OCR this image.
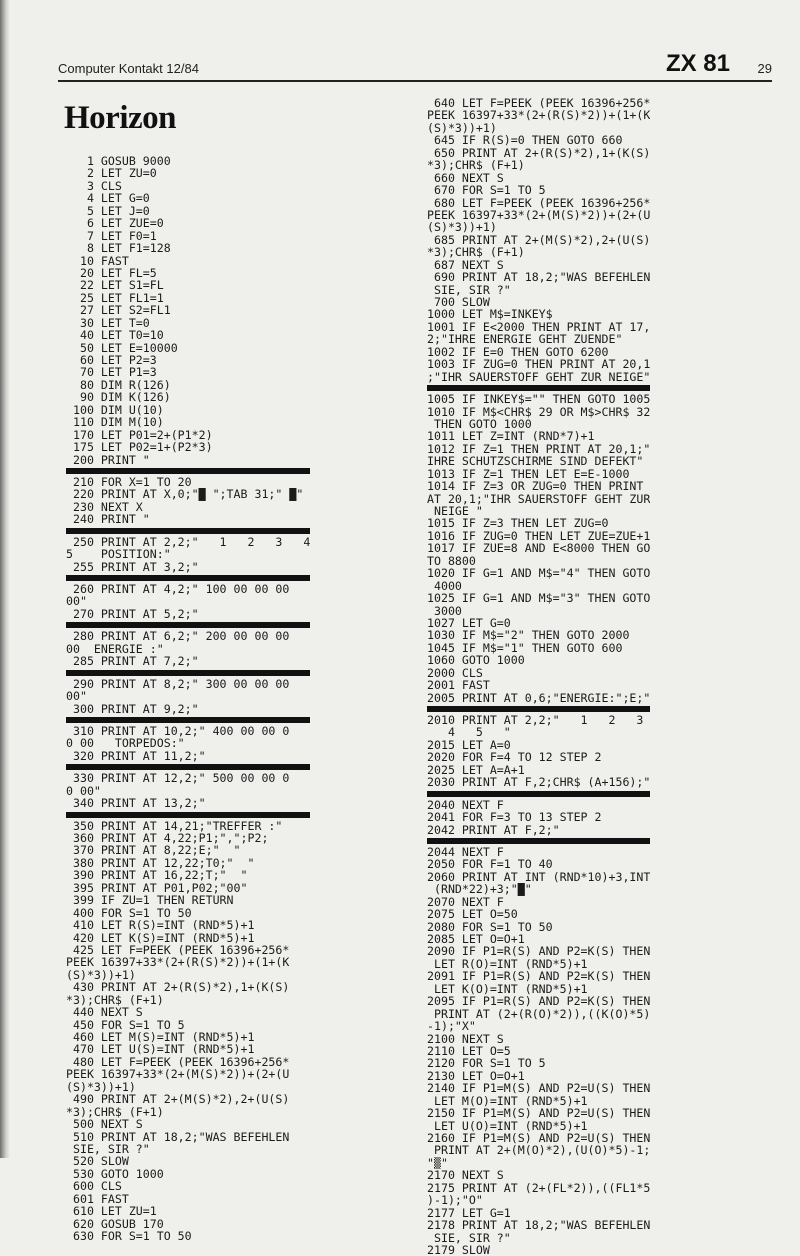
Computer Kontakt 12/84	ZX 81 29
Horizon
1 GOSUB 9000
2 LET ZU=0
3 CLS
4 LET G=0
5 LET J=0
6 LET ZUE=0
7 LET F0=1
8 LET F1=128
10 FAST
20 LET FL=5
22 LET S1=FL
25 LET FL1=1
27 LET S2=FL1
30 LET T=0
40 LET T0=10
50 LET E=10000
60 LET P2=3
70 LET P1=3
80 DIM R(126)
90 DIM K(126)
100 DIM U(10)
110 DIM M(10)
170 LET P01=2+(P1*2)
175 LET P02=1+(P2*3)
200 PRINT "
210 FOR X=1 TO 20
220 PRINT AT X,0;"█ ";TAB 31;" █"
230 NEXT X
240 PRINT "
250 PRINT AT 2,2;"   1   2   3   4
5    POSITION:"
255 PRINT AT 3,2;"
260 PRINT AT 4,2;" 100 00 00 00
00"
270 PRINT AT 5,2;"
280 PRINT AT 6,2;" 200 00 00 00
00  ENERGIE :"
285 PRINT AT 7,2;"
290 PRINT AT 8,2;" 300 00 00 00
00"
300 PRINT AT 9,2;"
310 PRINT AT 10,2;" 400 00 00 0
0 00   TORPEDOS:"
320 PRINT AT 11,2;"
330 PRINT AT 12,2;" 500 00 00 0
0 00"
340 PRINT AT 13,2;"
350 PRINT AT 14,21;"TREFFER :"
360 PRINT AT 4,22;P1;",";P2;
370 PRINT AT 8,22;E;"  "
380 PRINT AT 12,22;T0;"  "
390 PRINT AT 16,22;T;"  "
395 PRINT AT P01,P02;"00"
399 IF ZU=1 THEN RETURN
400 FOR S=1 TO 50
410 LET R(S)=INT (RND*5)+1
420 LET K(S)=INT (RND*5)+1
425 LET F=PEEK (PEEK 16396+256*
PEEK 16397+33*(2+(R(S)*2))+(1+(K
(S)*3))+1)
430 PRINT AT 2+(R(S)*2),1+(K(S)
*3);CHR$ (F+1)
440 NEXT S
450 FOR S=1 TO 5
460 LET M(S)=INT (RND*5)+1
470 LET U(S)=INT (RND*5)+1
480 LET F=PEEK (PEEK 16396+256*
PEEK 16397+33*(2+(M(S)*2))+(2+(U
(S)*3))+1)
490 PRINT AT 2+(M(S)*2),2+(U(S)
*3);CHR$ (F+1)
500 NEXT S
510 PRINT AT 18,2;"WAS BEFEHLEN
SIE, SIR ?"
520 SLOW
530 GOTO 1000
600 CLS
601 FAST
610 LET ZU=1
620 GOSUB 170
630 FOR S=1 TO 50
640 LET F=PEEK (PEEK 16396+256*
PEEK 16397+33*(2+(R(S)*2))+(1+(K
(S)*3))+1)
645 IF R(S)=0 THEN GOTO 660
650 PRINT AT 2+(R(S)*2),1+(K(S)
*3);CHR$ (F+1)
660 NEXT S
670 FOR S=1 TO 5
680 LET F=PEEK (PEEK 16396+256*
PEEK 16397+33*(2+(M(S)*2))+(2+(U
(S)*3))+1)
685 PRINT AT 2+(M(S)*2),2+(U(S)
*3);CHR$ (F+1)
687 NEXT S
690 PRINT AT 18,2;"WAS BEFEHLEN
SIE, SIR ?"
700 SLOW
1000 LET M$=INKEY$
1001 IF E<2000 THEN PRINT AT 17,
2;"IHRE ENERGIE GEHT ZUENDE"
1002 IF E=0 THEN GOTO 6200
1003 IF ZUG=0 THEN PRINT AT 20,1
;"IHR SAUERSTOFF GEHT ZUR NEIGE"
1005 IF INKEY$="" THEN GOTO 1005
1010 IF M$<CHR$ 29 OR M$>CHR$ 32
THEN GOTO 1000
1011 LET Z=INT (RND*7)+1
1012 IF Z=1 THEN PRINT AT 20,1;"
IHRE SCHUTZSCHIRME SIND DEFEKT"
1013 IF Z=1 THEN LET E=E-1000
1014 IF Z=3 OR ZUG=0 THEN PRINT
AT 20,1;"IHR SAUERSTOFF GEHT ZUR
NEIGE "
1015 IF Z=3 THEN LET ZUG=0
1016 IF ZUG=0 THEN LET ZUE=ZUE+1
1017 IF ZUE=8 AND E<8000 THEN GO
TO 8800
1020 IF G=1 AND M$="4" THEN GOTO
4000
1025 IF G=1 AND M$="3" THEN GOTO
3000
1027 LET G=0
1030 IF M$="2" THEN GOTO 2000
1045 IF M$="1" THEN GOTO 600
1060 GOTO 1000
2000 CLS
2001 FAST
2005 PRINT AT 0,6;"ENERGIE:";E;"
2010 PRINT AT 2,2;"   1   2   3
4   5   "
2015 LET A=0
2020 FOR F=4 TO 12 STEP 2
2025 LET A=A+1
2030 PRINT AT F,2;CHR$ (A+156);"
2040 NEXT F
2041 FOR F=3 TO 13 STEP 2
2042 PRINT AT F,2;"
2044 NEXT F
2050 FOR F=1 TO 40
2060 PRINT AT INT (RND*10)+3,INT
(RND*22)+3;"█"
2070 NEXT F
2075 LET O=50
2080 FOR S=1 TO 50
2085 LET O=O+1
2090 IF P1=R(S) AND P2=K(S) THEN
LET R(O)=INT (RND*5)+1
2091 IF P1=R(S) AND P2=K(S) THEN
LET K(O)=INT (RND*5)+1
2095 IF P1=R(S) AND P2=K(S) THEN
PRINT AT (2+(R(O)*2)),((K(O)*5)
-1);"X"
2100 NEXT S
2110 LET O=5
2120 FOR S=1 TO 5
2130 LET O=O+1
2140 IF P1=M(S) AND P2=U(S) THEN
LET M(O)=INT (RND*5)+1
2150 IF P1=M(S) AND P2=U(S) THEN
LET U(O)=INT (RND*5)+1
2160 IF P1=M(S) AND P2=U(S) THEN
PRINT AT 2+(M(O)*2),(U(O)*5)-1;
"▒"
2170 NEXT S
2175 PRINT AT (2+(FL*2)),((FL1*5
)-1);"O"
2177 LET G=1
2178 PRINT AT 18,2;"WAS BEFEHLEN
SIE, SIR ?"
2179 SLOW
